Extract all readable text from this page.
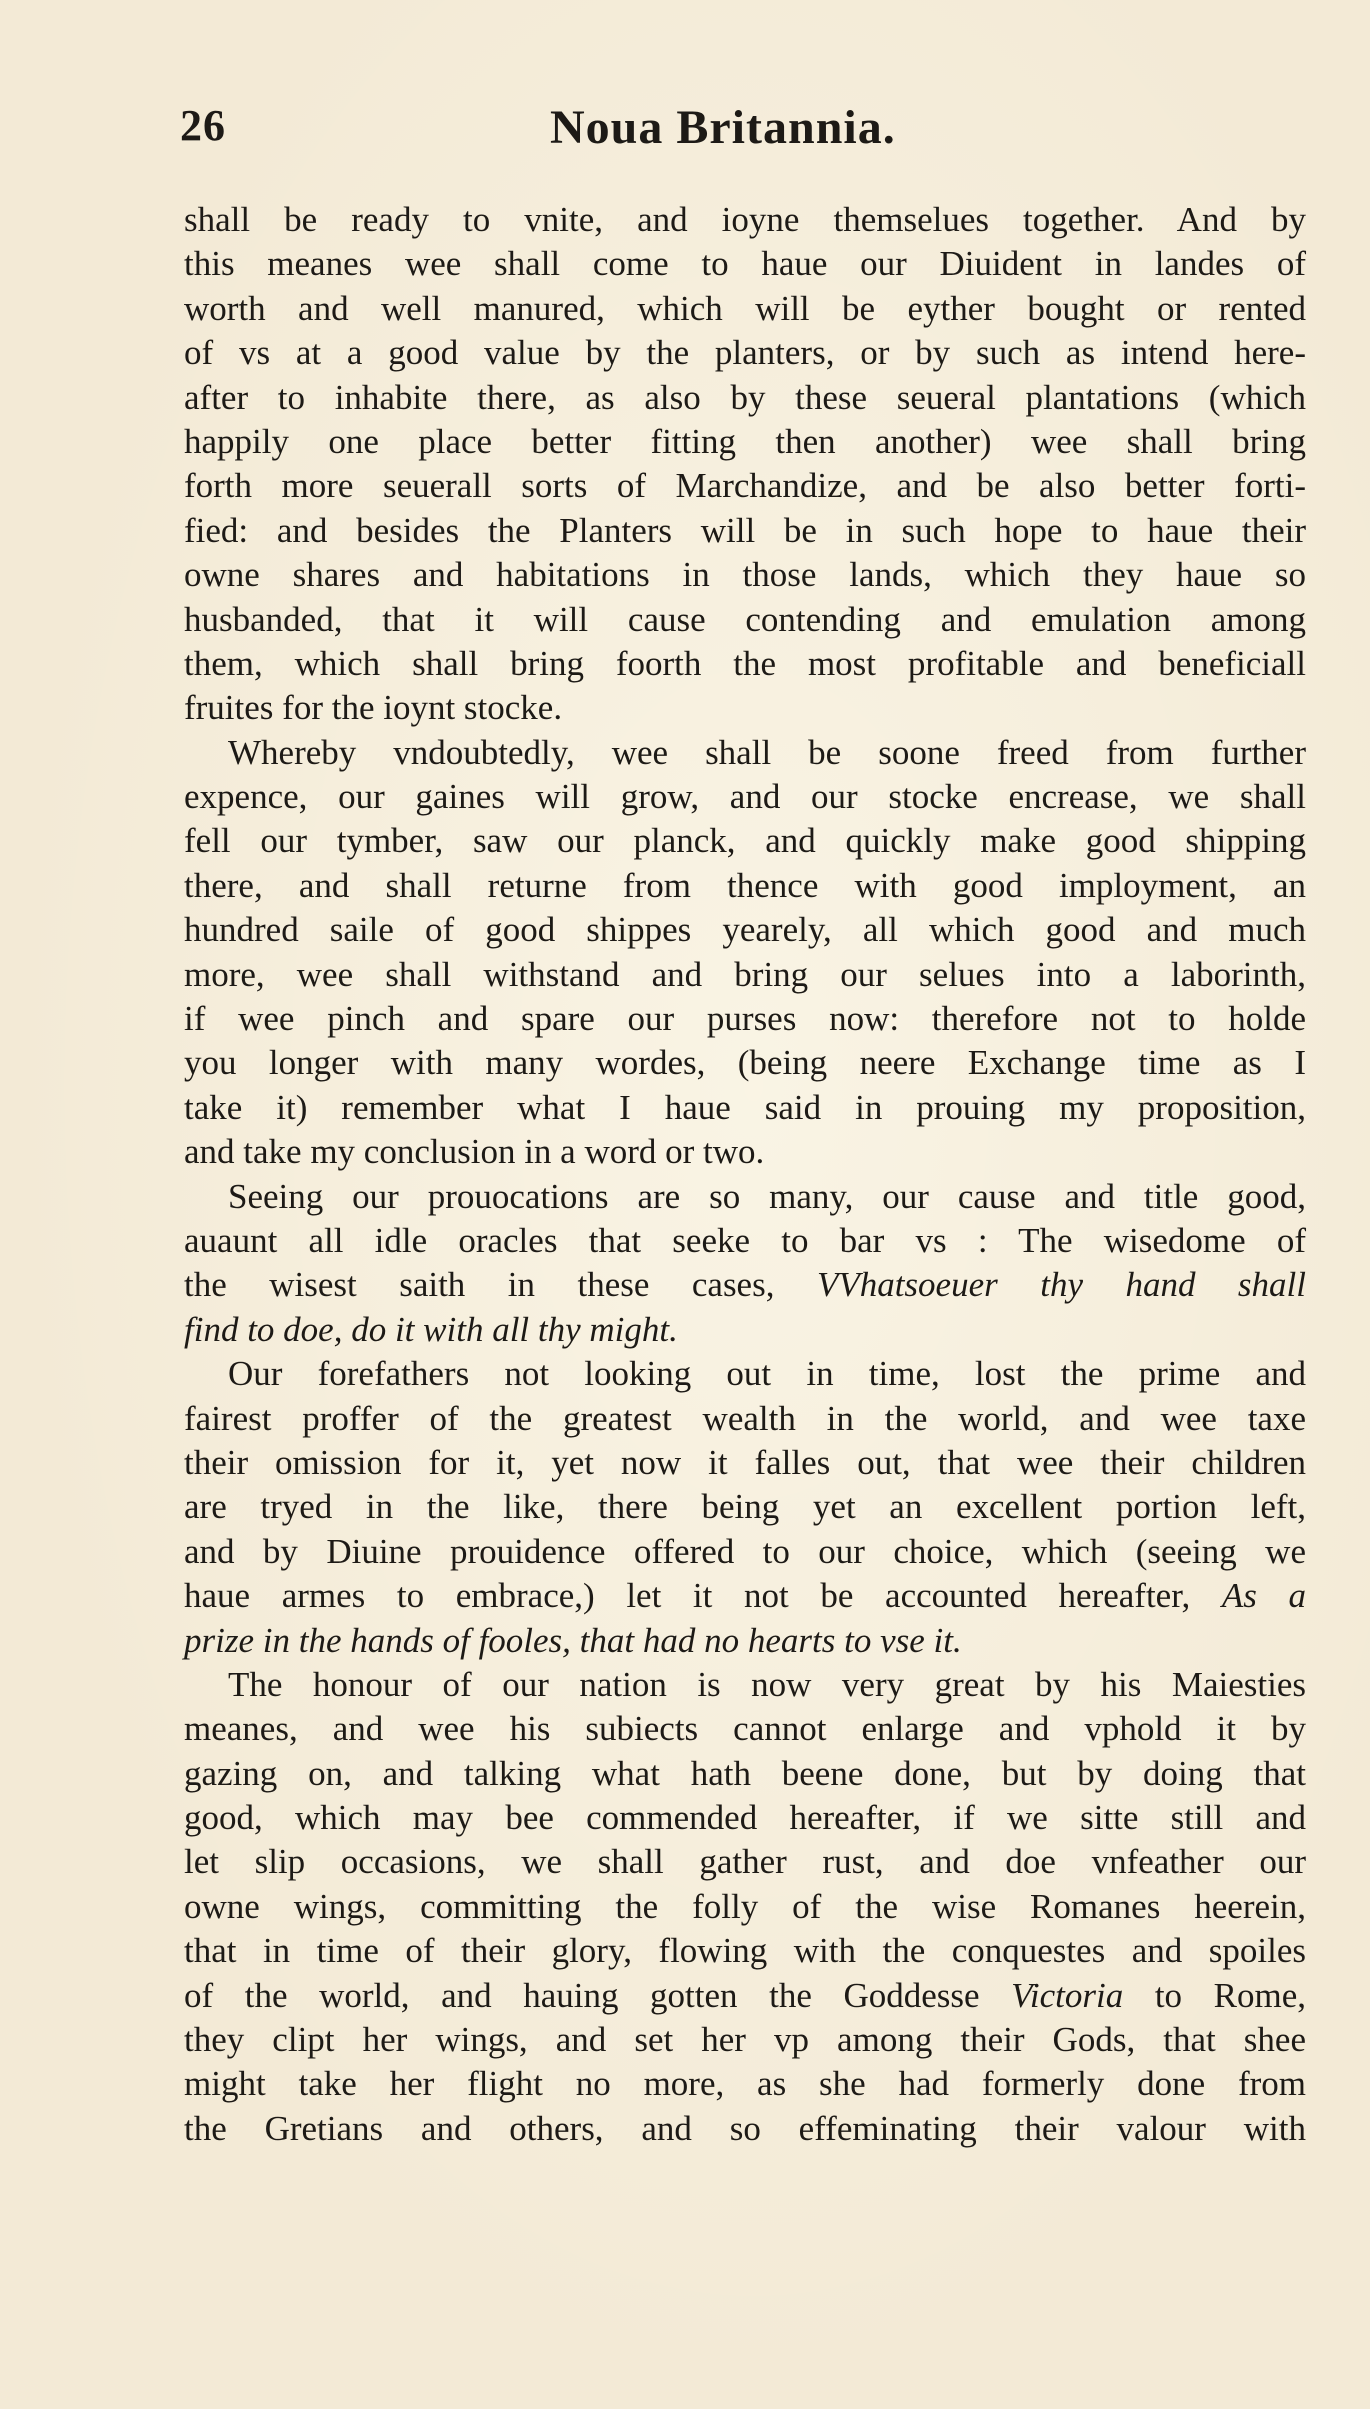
26	Noua Britannia.
shall be ready to vnite, and ioyne themselues together. And by
this meanes wee shall come to haue our Diuident in landes of
worth and well manured, which will be eyther bought or rented
of vs at a good value by the planters, or by such as intend here-
after to inhabite there, as also by these seueral plantations (which
happily one place better fitting then another) wee shall bring
forth more seuerall sorts of Marchandize, and be also better forti-
fied: and besides the Planters will be in such hope to haue their
owne shares and habitations in those lands, which they haue so
husbanded, that it will cause contending and emulation among
them, which shall bring foorth the most profitable and beneficiall
fruites for the ioynt stocke.
Whereby vndoubtedly, wee shall be soone freed from further
expence, our gaines will grow, and our stocke encrease, we shall
fell our tymber, saw our planck, and quickly make good shipping
there, and shall returne from thence with good imployment, an
hundred saile of good shippes yearely, all which good and much
more, wee shall withstand and bring our selues into a laborinth,
if wee pinch and spare our purses now: therefore not to holde
you longer with many wordes, (being neere Exchange time as I
take it) remember what I haue said in prouing my proposition,
and take my conclusion in a word or two.
Seeing our prouocations are so many, our cause and title good,
auaunt all idle oracles that seeke to bar vs : The wisedome of
the wisest saith in these cases, VVhatsoeuer thy hand shall
find to doe, do it with all thy might.
Our forefathers not looking out in time, lost the prime and
fairest proffer of the greatest wealth in the world, and wee taxe
their omission for it, yet now it falles out, that wee their children
are tryed in the like, there being yet an excellent portion left,
and by Diuine prouidence offered to our choice, which (seeing we
haue armes to embrace,) let it not be accounted hereafter, As a
prize in the hands of fooles, that had no hearts to vse it.
The honour of our nation is now very great by his Maiesties
meanes, and wee his subiects cannot enlarge and vphold it by
gazing on, and talking what hath beene done, but by doing that
good, which may bee commended hereafter, if we sitte still and
let slip occasions, we shall gather rust, and doe vnfeather our
owne wings, committing the folly of the wise Romanes heerein,
that in time of their glory, flowing with the conquestes and spoiles
of the world, and hauing gotten the Goddesse Victoria to Rome,
they clipt her wings, and set her vp among their Gods, that shee
might take her flight no more, as she had formerly done from
the Gretians and others, and so effeminating their valour with
